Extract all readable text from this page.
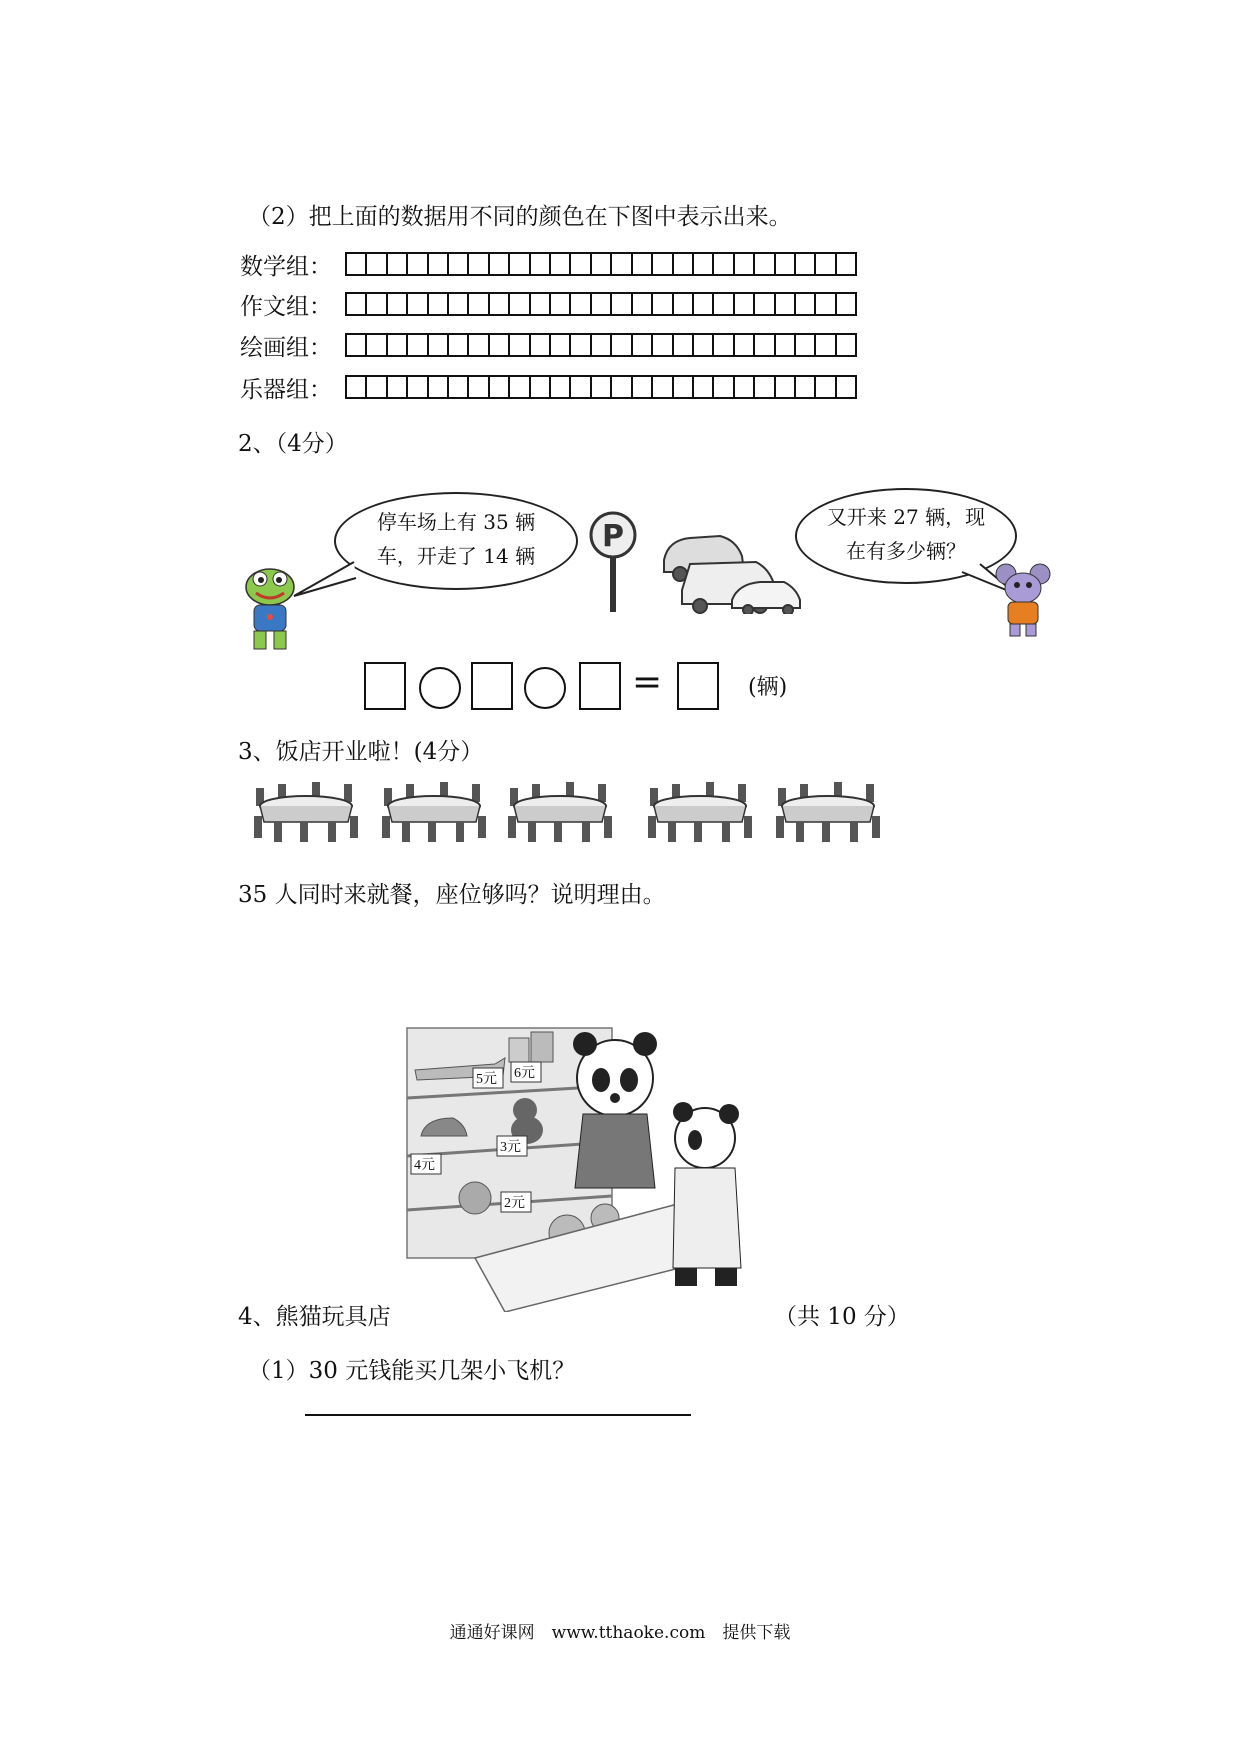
（2）把上面的数据用不同的颜色在下图中表示出来。
数学组：
作文组：
绘画组：
乐器组：
2、（4分）
停车场上有 35 辆
车，开走了 14 辆
P
又开来 27 辆，现
在有多少辆？
=	(辆)
3、饭店开业啦！(4分）
35 人同时来就餐，座位够吗？说明理由。
5元 6元
3元
4元
2元
4、熊猫玩具店	（共 10 分）
（1）30 元钱能买几架小飞机？
通通好课网　www.tthaoke.com　提供下载
